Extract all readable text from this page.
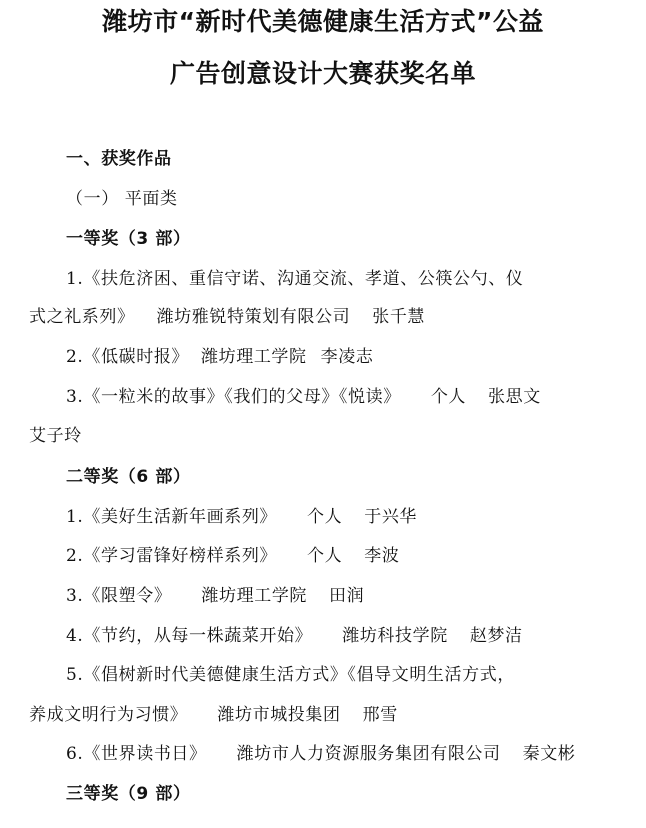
潍坊市“新时代美德健康生活方式”公益
广告创意设计大赛获奖名单
一、获奖作品
（一） 平面类
一等奖（3 部）
1.《扶危济困、重信守诺、沟通交流、孝道、公筷公勺、仪
式之礼系列》 潍坊雅锐特策划有限公司 张千慧
2.《低碳时报》 潍坊理工学院 李凌志
3.《一粒米的故事》《我们的父母》《悦读》 个人 张思文
艾子玲
二等奖（6 部）
1.《美好生活新年画系列》 个人 于兴华
2.《学习雷锋好榜样系列》 个人 李波
3.《限塑令》 潍坊理工学院 田润
4.《节约，从每一株蔬菜开始》 潍坊科技学院 赵梦洁
5.《倡树新时代美德健康生活方式》《倡导文明生活方式，
养成文明行为习惯》 潍坊市城投集团 邢雪
6.《世界读书日》 潍坊市人力资源服务集团有限公司 秦文彬
三等奖（9 部）
